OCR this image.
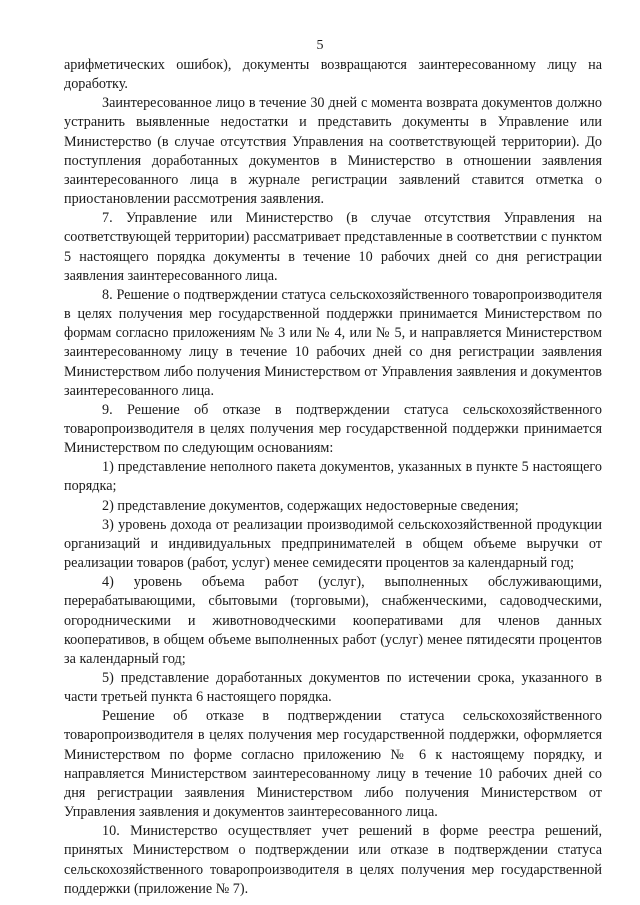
5

арифметических ошибок), документы возвращаются заинтересованному лицу на доработку.

Заинтересованное лицо в течение 30 дней с момента возврата документов должно устранить выявленные недостатки и представить документы в Управление или Министерство (в случае отсутствия Управления на соответствующей территории). До поступления доработанных документов в Министерство в отношении заявления заинтересованного лица в журнале регистрации заявлений ставится отметка о приостановлении рассмотрения заявления.

7. Управление или Министерство (в случае отсутствия Управления на соответствующей территории) рассматривает представленные в соответствии с пунктом 5 настоящего порядка документы в течение 10 рабочих дней со дня регистрации заявления заинтересованного лица.

8. Решение о подтверждении статуса сельскохозяйственного товаропроизводителя в целях получения мер государственной поддержки принимается Министерством по формам согласно приложениям № 3 или № 4, или № 5, и направляется Министерством заинтересованному лицу в течение 10 рабочих дней со дня регистрации заявления Министерством либо получения Министерством от Управления заявления и документов заинтересованного лица.

9. Решение об отказе в подтверждении статуса сельскохозяйственного товаропроизводителя в целях получения мер государственной поддержки принимается Министерством по следующим основаниям:

1) представление неполного пакета документов, указанных в пункте 5 настоящего порядка;

2) представление документов, содержащих недостоверные сведения;

3) уровень дохода от реализации производимой сельскохозяйственной продукции организаций и индивидуальных предпринимателей в общем объеме выручки от реализации товаров (работ, услуг) менее семидесяти процентов за календарный год;

4) уровень объема работ (услуг), выполненных обслуживающими, перерабатывающими, сбытовыми (торговыми), снабженческими, садоводческими, огородническими и животноводческими кооперативами для членов данных кооперативов, в общем объеме выполненных работ (услуг) менее пятидесяти процентов за календарный год;

5) представление доработанных документов по истечении срока, указанного в части третьей пункта 6 настоящего порядка.

Решение об отказе в подтверждении статуса сельскохозяйственного товаропроизводителя в целях получения мер государственной поддержки, оформляется Министерством по форме согласно приложению № 6 к настоящему порядку, и направляется Министерством заинтересованному лицу в течение 10 рабочих дней со дня регистрации заявления Министерством либо получения Министерством от Управления заявления и документов заинтересованного лица.

10. Министерство осуществляет учет решений в форме реестра решений, принятых Министерством о подтверждении или отказе в подтверждении статуса сельскохозяйственного товаропроизводителя в целях получения мер государственной поддержки (приложение № 7).
